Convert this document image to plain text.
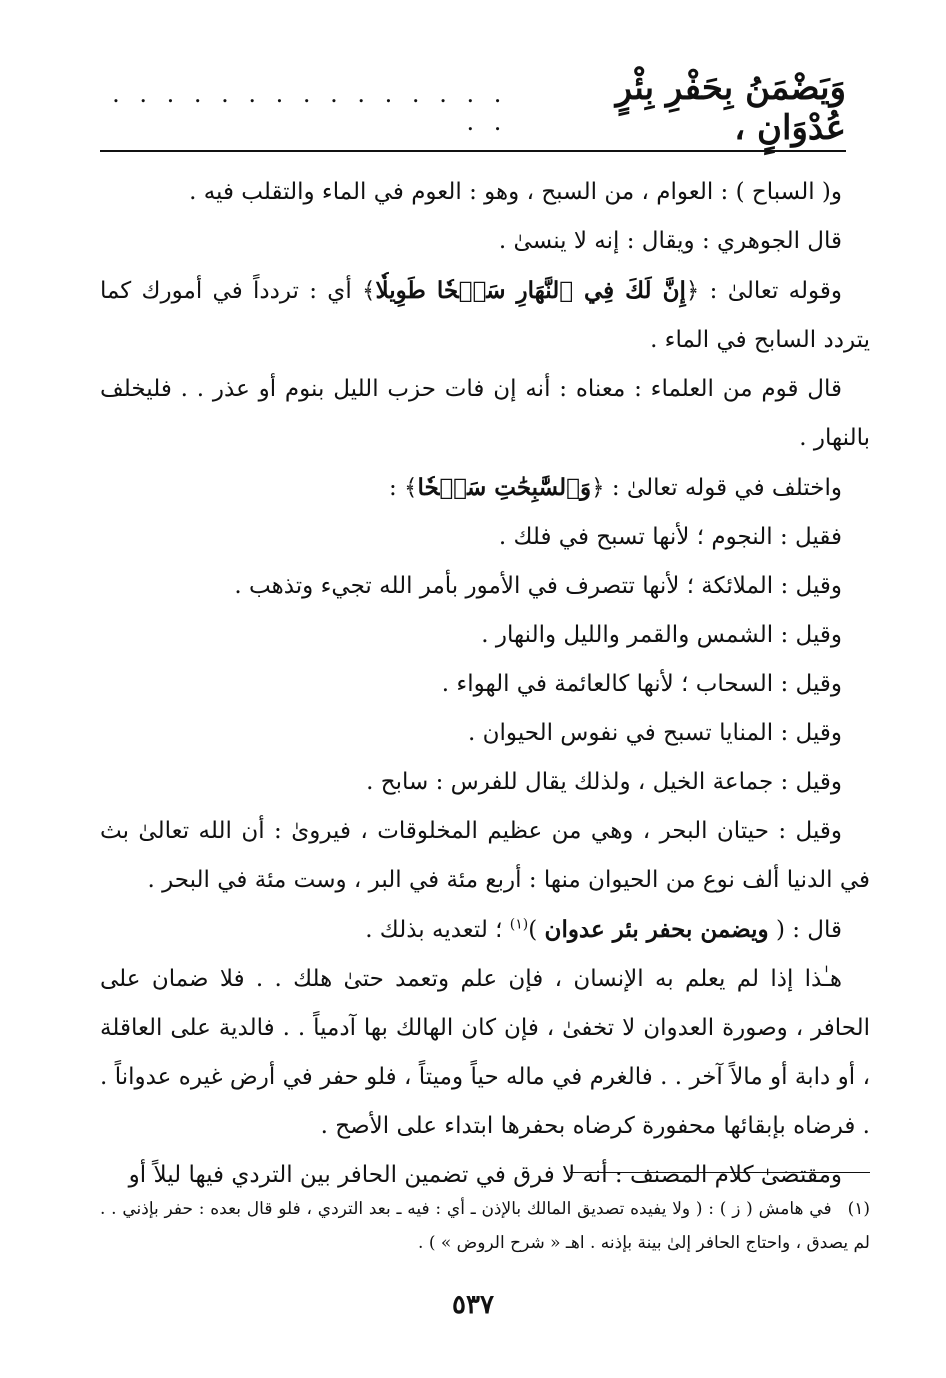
وَيَضْمَنُ بِحَفْرِ بِئْرٍ عُدْوَانٍ ،
. . . . . . . . . . . . . . . . .

و( السباح ) : العوام ، من السبح ، وهو : العوم في الماء والتقلب فيه .

قال الجوهري : ويقال : إنه لا ينسىٰ .

وقوله تعالىٰ : ﴿إِنَّ لَكَ فِي ٱلنَّهَارِ سَبۡحٗا طَوِيلٗا﴾ أي : تردداً في أمورك كما يتردد السابح في الماء .

قال قوم من العلماء : معناه : أنه إن فات حزب الليل بنوم أو عذر . . فليخلف بالنهار .

واختلف في قوله تعالىٰ : ﴿وَٱلسَّٰبِحَٰتِ سَبۡحٗا﴾ :

فقيل : النجوم ؛ لأنها تسبح في فلك .

وقيل : الملائكة ؛ لأنها تتصرف في الأمور بأمر الله تجيء وتذهب .

وقيل : الشمس والقمر والليل والنهار .

وقيل : السحاب ؛ لأنها كالعائمة في الهواء .

وقيل : المنايا تسبح في نفوس الحيوان .

وقيل : جماعة الخيل ، ولذلك يقال للفرس : سابح .

وقيل : حيتان البحر ، وهي من عظيم المخلوقات ، فيروىٰ : أن الله تعالىٰ بث في الدنيا ألف نوع من الحيوان منها : أربع مئة في البر ، وست مئة في البحر .

قال : ( ويضمن بحفر بئر عدوان )$^{(١)}$ ؛ لتعديه بذلك .

هـٰذا إذا لم يعلم به الإنسان ، فإن علم وتعمد حتىٰ هلك . . فلا ضمان على الحافر ، وصورة العدوان لا تخفىٰ ، فإن كان الهالك بها آدمياً . . فالدية على العاقلة ، أو دابة أو مالاً آخر . . فالغرم في ماله حياً وميتاً ، فلو حفر في أرض غيره عدواناً . . فرضاه بإبقائها محفورة كرضاه بحفرها ابتداء على الأصح .

ومقتضىٰ كلام المصنف : أنه لا فرق في تضمين الحافر بين التردي فيها ليلاً أو

(١)في هامش ( ز ) : ( ولا يفيده تصديق المالك بالإذن ـ أي : فيه ـ بعد التردي ، فلو قال بعده : حفر بإذني . . لم يصدق ، واحتاج الحافر إلىٰ بينة بإذنه . اهـ « شرح الروض » ) .
٥٣٧
